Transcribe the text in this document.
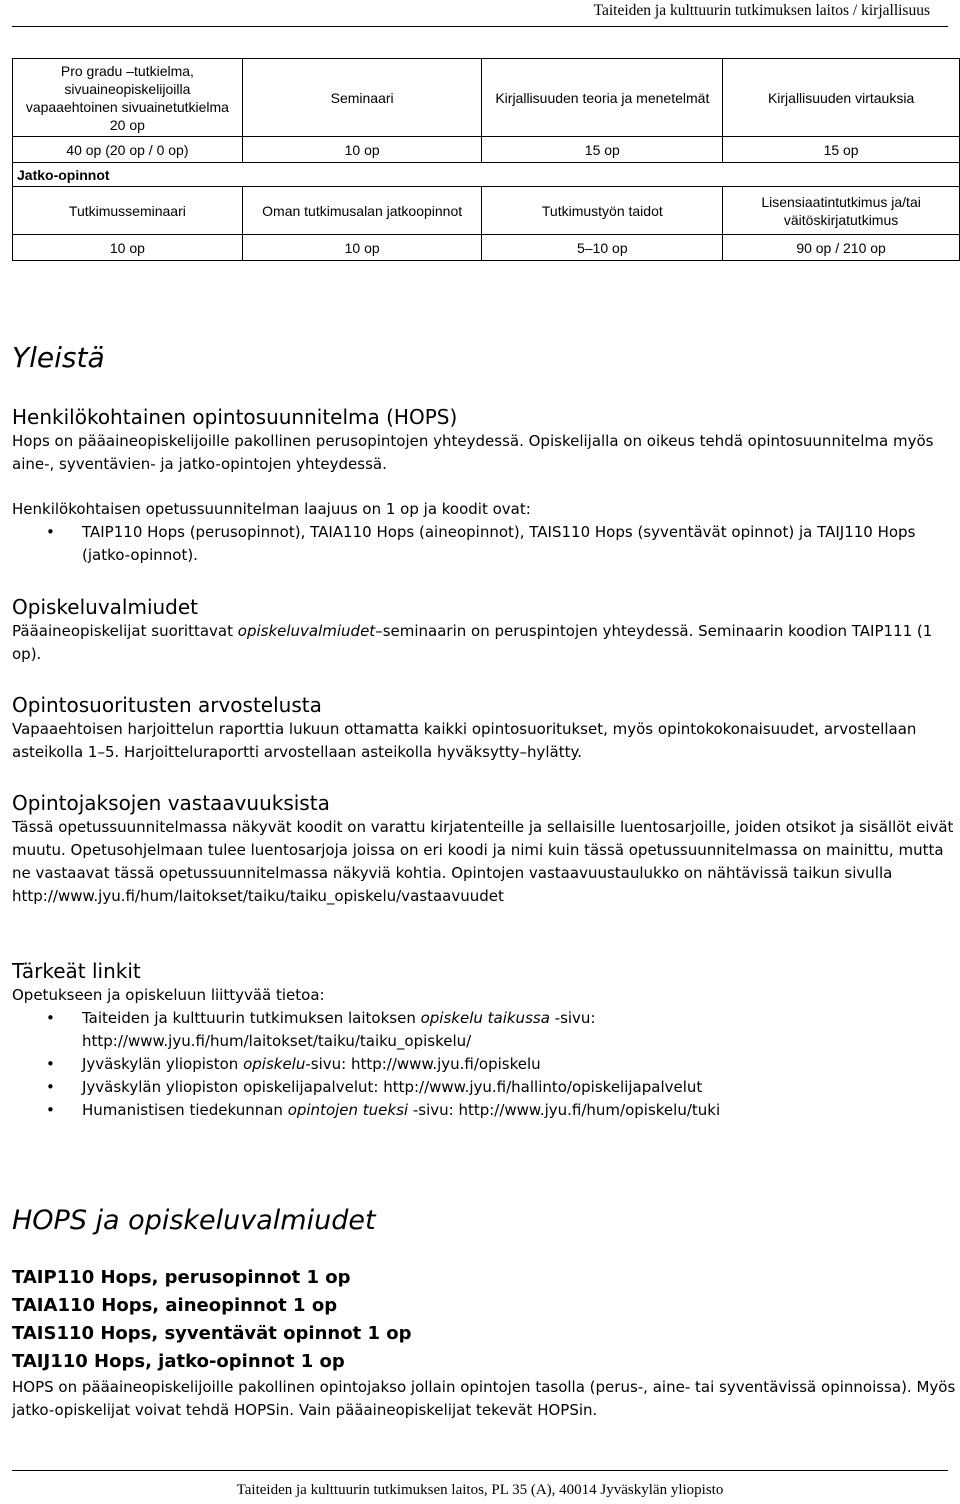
Taiteiden ja kulttuurin tutkimuksen laitos / kirjallisuus
Pro gradu –tutkielma, sivuaineopiskelijoilla vapaaehtoinen sivuainetutkielma 20 op	Seminaari	Kirjallisuuden teoria ja menetelmät	Kirjallisuuden virtauksia
40 op (20 op / 0 op)	10 op	15 op	15 op
Jatko-opinnot			
Tutkimusseminaari	Oman tutkimusalan jatkoopinnot	Tutkimustyön taidot	Lisensiaatintutkimus ja/tai väitöskirjatutkimus
10 op	10 op	5–10 op	90 op / 210 op
Yleistä
Henkilökohtainen opintosuunnitelma (HOPS)

Hops on pääaineopiskelijoille pakollinen perusopintojen yhteydessä. Opiskelijalla on oikeus tehdä opintosuunnitelma myös aine-, syventävien- ja jatko-opintojen yhteydessä.

Henkilökohtaisen opetussuunnitelman laajuus on 1 op ja koodit ovat:

• TAIP110 Hops (perusopinnot), TAIA110 Hops (aineopinnot), TAIS110 Hops (syventävät opinnot) ja TAIJ110 Hops (jatko-opinnot).
Opiskeluvalmiudet

Pääaineopiskelijat suorittavat opiskeluvalmiudet–seminaarin on peruspintojen yhteydessä. Seminaarin koodion TAIP111 (1 op).

Opintosuoritusten arvostelusta

Vapaaehtoisen harjoittelun raporttia lukuun ottamatta kaikki opintosuoritukset, myös opintokokonaisuudet, arvostellaan asteikolla 1–5. Harjoitteluraportti arvostellaan asteikolla hyväksytty–hylätty.

Opintojaksojen vastaavuuksista

Tässä opetussuunnitelmassa näkyvät koodit on varattu kirjatenteille ja sellaisille luentosarjoille, joiden otsikot ja sisällöt eivät muutu. Opetusohjelmaan tulee luentosarjoja joissa on eri koodi ja nimi kuin tässä opetussuunnitelmassa on mainittu, mutta ne vastaavat tässä opetussuunnitelmassa näkyviä kohtia. Opintojen vastaavuustaulukko on nähtävissä taikun sivulla

http://www.jyu.fi/hum/laitokset/taiku/taiku_opiskelu/vastaavuudet

Tärkeät linkit

Opetukseen ja opiskeluun liittyvää tietoa:

• Taiteiden ja kulttuurin tutkimuksen laitoksen opiskelu taikussa -sivu:
http://www.jyu.fi/hum/laitokset/taiku/taiku_opiskelu/
• Jyväskylän yliopiston opiskelu-sivu: http://www.jyu.fi/opiskelu
• Jyväskylän yliopiston opiskelijapalvelut: http://www.jyu.fi/hallinto/opiskelijapalvelut
• Humanistisen tiedekunnan opintojen tueksi -sivu: http://www.jyu.fi/hum/opiskelu/tuki
HOPS ja opiskeluvalmiudet

TAIP110 Hops, perusopinnot 1 op

TAIA110 Hops, aineopinnot 1 op

TAIS110 Hops, syventävät opinnot 1 op

TAIJ110 Hops, jatko-opinnot 1 op

HOPS on pääaineopiskelijoille pakollinen opintojakso jollain opintojen tasolla (perus-, aine- tai syventävissä opinnoissa). Myös jatko-opiskelijat voivat tehdä HOPSin. Vain pääaineopiskelijat tekevät HOPSin.

Taiteiden ja kulttuurin tutkimuksen laitos, PL 35 (A), 40014 Jyväskylän yliopisto
